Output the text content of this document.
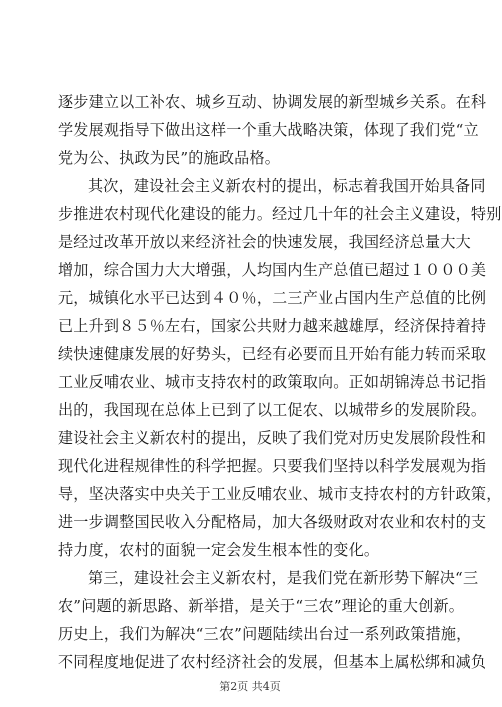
逐步建立以工补农、城乡互动、协调发展的新型城乡关系。在科
学发展观指导下做出这样一个重大战略决策，体现了我们党“立
党为公、执政为民”的施政品格。

其次，建设社会主义新农村的提出，标志着我国开始具备同
步推进农村现代化建设的能力。经过几十年的社会主义建设，特别
是经过改革开放以来经济社会的快速发展，我国经济总量大大
增加，综合国力大大增强，人均国内生产总值已超过１０００美
元，城镇化水平已达到４０％，二三产业占国内生产总值的比例
已上升到８５％左右，国家公共财力越来越雄厚，经济保持着持
续快速健康发展的好势头，已经有必要而且开始有能力转而采取
工业反哺农业、城市支持农村的政策取向。正如胡锦涛总书记指
出的，我国现在总体上已到了以工促农、以城带乡的发展阶段。
建设社会主义新农村的提出，反映了我们党对历史发展阶段性和
现代化进程规律性的科学把握。只要我们坚持以科学发展观为指
导，坚决落实中央关于工业反哺农业、城市支持农村的方针政策，
进一步调整国民收入分配格局，加大各级财政对农业和农村的支
持力度，农村的面貌一定会发生根本性的变化。

第三，建设社会主义新农村，是我们党在新形势下解决“三
农”问题的新思路、新举措，是关于“三农”理论的重大创新。
历史上，我们为解决“三农”问题陆续出台过一系列政策措施，
不同程度地促进了农村经济社会的发展，但基本上属松绑和减负

第2页 共4页
